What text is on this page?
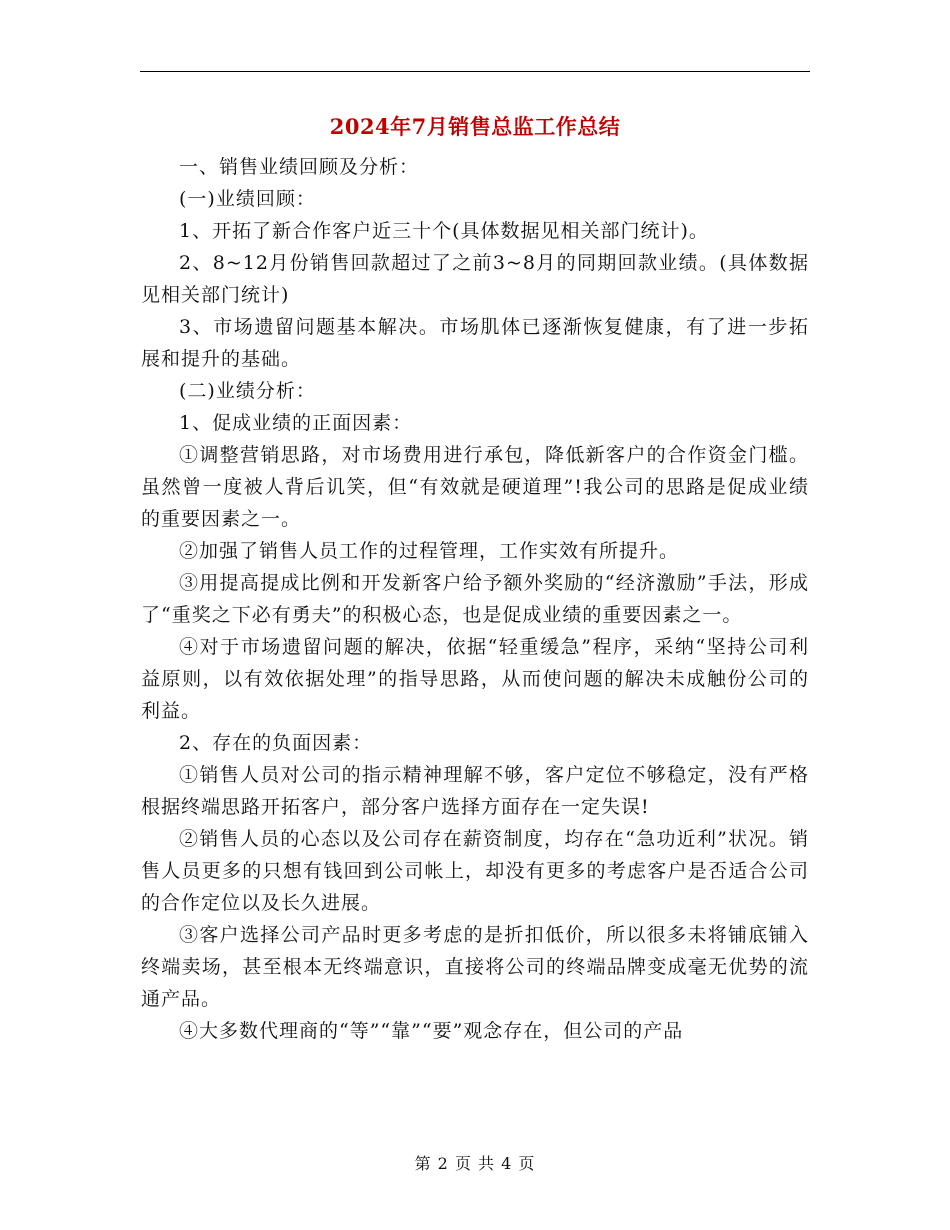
2024年7月销售总监工作总结

一、销售业绩回顾及分析：

(一)业绩回顾：

1、开拓了新合作客户近三十个(具体数据见相关部门统计)。

2、8~12月份销售回款超过了之前3~8月的同期回款业绩。(具体数据见相关部门统计)

3、市场遗留问题基本解决。市场肌体已逐渐恢复健康，有了进一步拓展和提升的基础。

(二)业绩分析：

1、促成业绩的正面因素：

①调整营销思路，对市场费用进行承包，降低新客户的合作资金门槛。虽然曾一度被人背后讥笑，但“有效就是硬道理”!我公司的思路是促成业绩的重要因素之一。

②加强了销售人员工作的过程管理，工作实效有所提升。

③用提高提成比例和开发新客户给予额外奖励的“经济激励”手法，形成了“重奖之下必有勇夫”的积极心态，也是促成业绩的重要因素之一。

④对于市场遗留问题的解决，依据“轻重缓急”程序，采纳“坚持公司利益原则，以有效依据处理”的指导思路，从而使问题的解决未成触份公司的利益。

2、存在的负面因素：

①销售人员对公司的指示精神理解不够，客户定位不够稳定，没有严格根据终端思路开拓客户，部分客户选择方面存在一定失误!

②销售人员的心态以及公司存在薪资制度，均存在“急功近利”状况。销售人员更多的只想有钱回到公司帐上，却没有更多的考虑客户是否适合公司的合作定位以及长久进展。

③客户选择公司产品时更多考虑的是折扣低价，所以很多未将铺底铺入终端卖场，甚至根本无终端意识，直接将公司的终端品牌变成毫无优势的流通产品。

④大多数代理商的“等”“靠”“要”观念存在，但公司的产品

第 2 页 共 4 页
